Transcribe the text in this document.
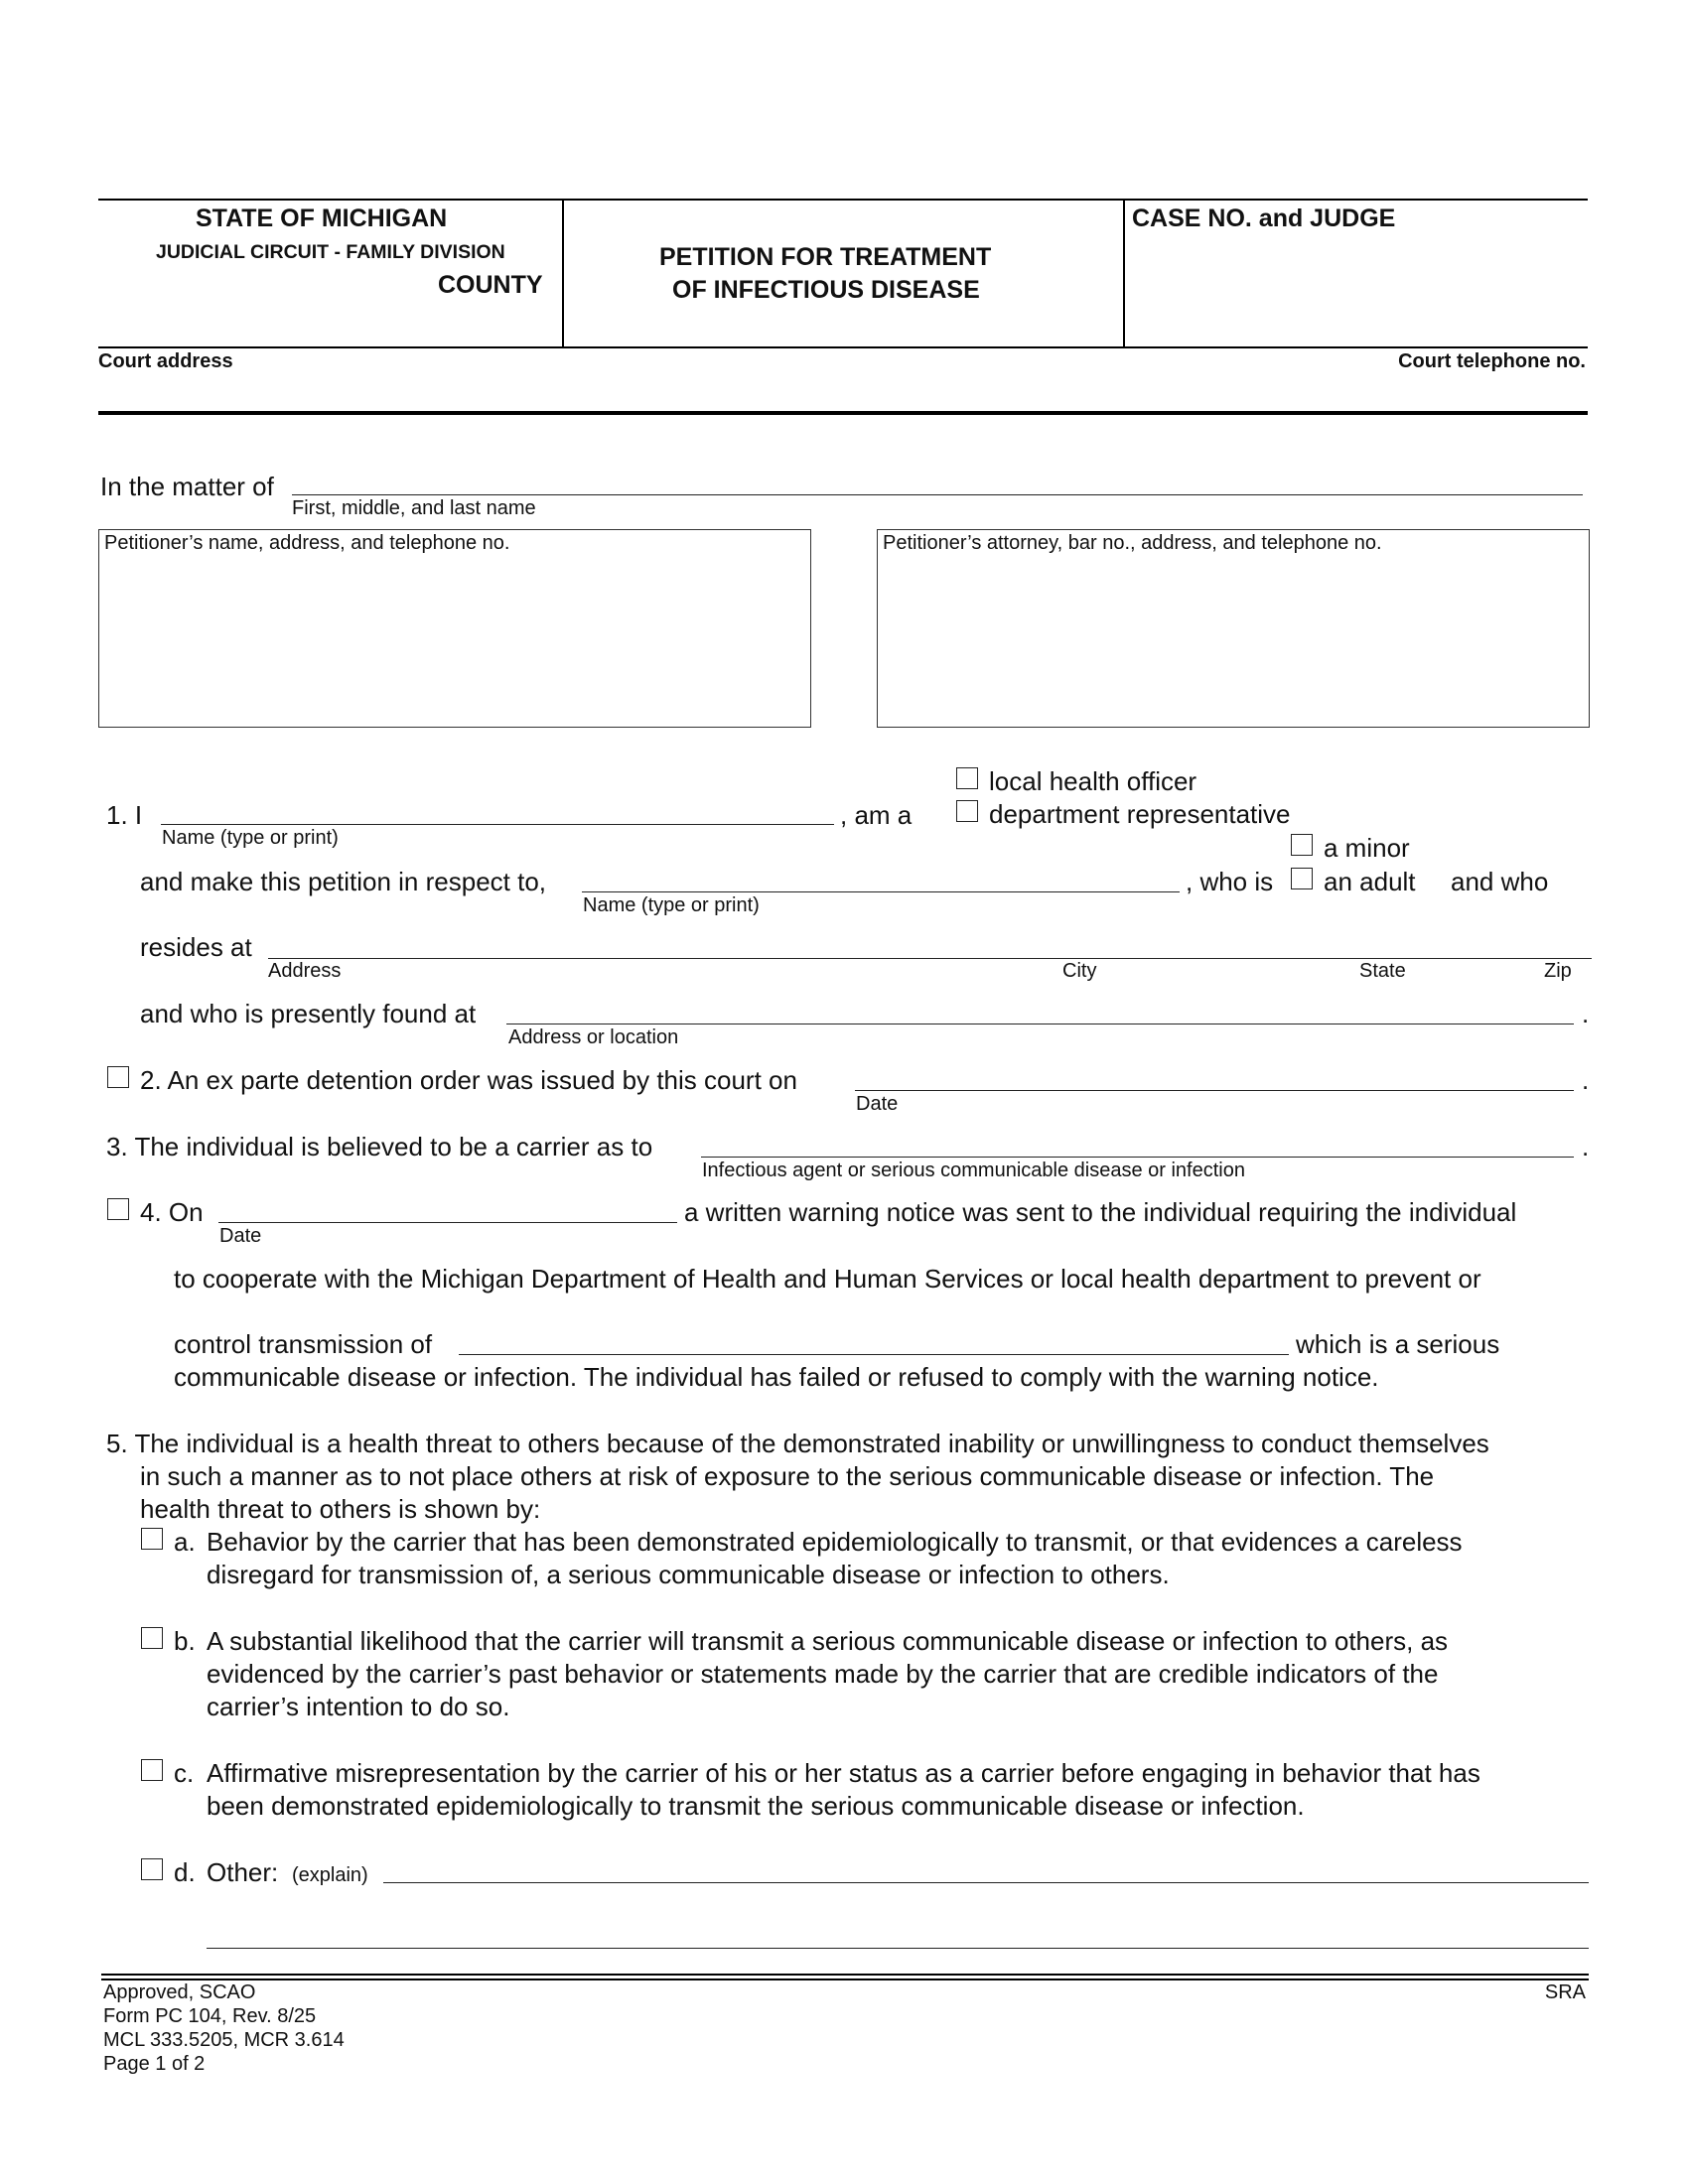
STATE OF MICHIGAN
JUDICIAL CIRCUIT - FAMILY DIVISION
COUNTY
PETITION FOR TREATMENT
OF INFECTIOUS DISEASE
CASE NO. and JUDGE
Court address	Court telephone no.
In the matter of
First, middle, and last name
Petitioner’s name, address, and telephone no.	Petitioner’s attorney, bar no., address, and telephone no.
local health officer
1. I
Name (type or print)
, am a	department representative
a minor
and make this petition in respect to,
Name (type or print)
, who is an adult and who
resides at
Address	City	State	Zip
and who is presently found at	.
Address or location
2. An ex parte detention order was issued by this court on	.
Date
3. The individual is believed to be a carrier as to	.
Infectious agent or serious communicable disease or infection
4. On
Date
a written warning notice was sent to the individual requiring the individual
to cooperate with the Michigan Department of Health and Human Services or local health department to prevent or
control transmission of	which is a serious
communicable disease or infection. The individual has failed or refused to comply with the warning notice.
5. The individual is a health threat to others because of the demonstrated inability or unwillingness to conduct themselves
in such a manner as to not place others at risk of exposure to the serious communicable disease or infection. The
health threat to others is shown by:
a. Behavior by the carrier that has been demonstrated epidemiologically to transmit, or that evidences a careless
disregard for transmission of, a serious communicable disease or infection to others.
b. A substantial likelihood that the carrier will transmit a serious communicable disease or infection to others, as
evidenced by the carrier’s past behavior or statements made by the carrier that are credible indicators of the
carrier’s intention to do so.
c. Affirmative misrepresentation by the carrier of his or her status as a carrier before engaging in behavior that has
been demonstrated epidemiologically to transmit the serious communicable disease or infection.
d. Other: (explain)
Approved, SCAO
Form PC 104, Rev. 8/25
MCL 333.5205, MCR 3.614
Page 1 of 2
SRA
